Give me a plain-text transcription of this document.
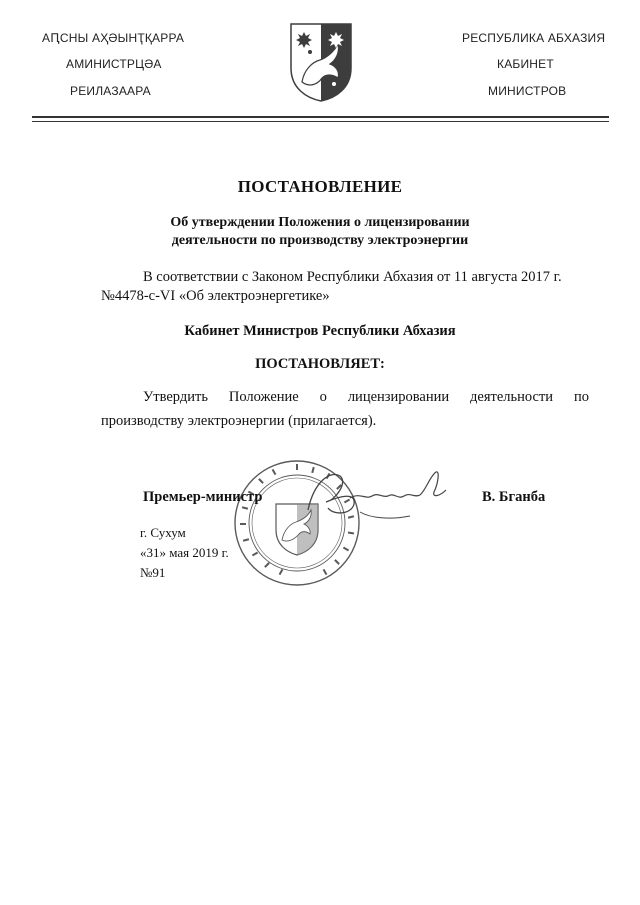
АԤСНЫ АҲӘЫНҬҚАРРА
АМИНИСТРЦӘА
РЕИЛАЗААРА
РЕСПУБЛИКА АБХАЗИЯ
КАБИНЕТ
МИНИСТРОВ
ПОСТАНОВЛЕНИЕ
Об утверждении Положения о лицензировании
деятельности по производству электроэнергии
В соответствии с Законом Республики Абхазия от 11 августа 2017 г.
№4478-с-VI «Об электроэнергетике»
Кабинет Министров Республики Абхазия
ПОСТАНОВЛЯЕТ:
Утвердить Положение о лицензировании деятельности по
производству электроэнергии (прилагается).
Премьер-министр	В. Бганба
г. Сухум
«31» мая 2019 г.
№91
